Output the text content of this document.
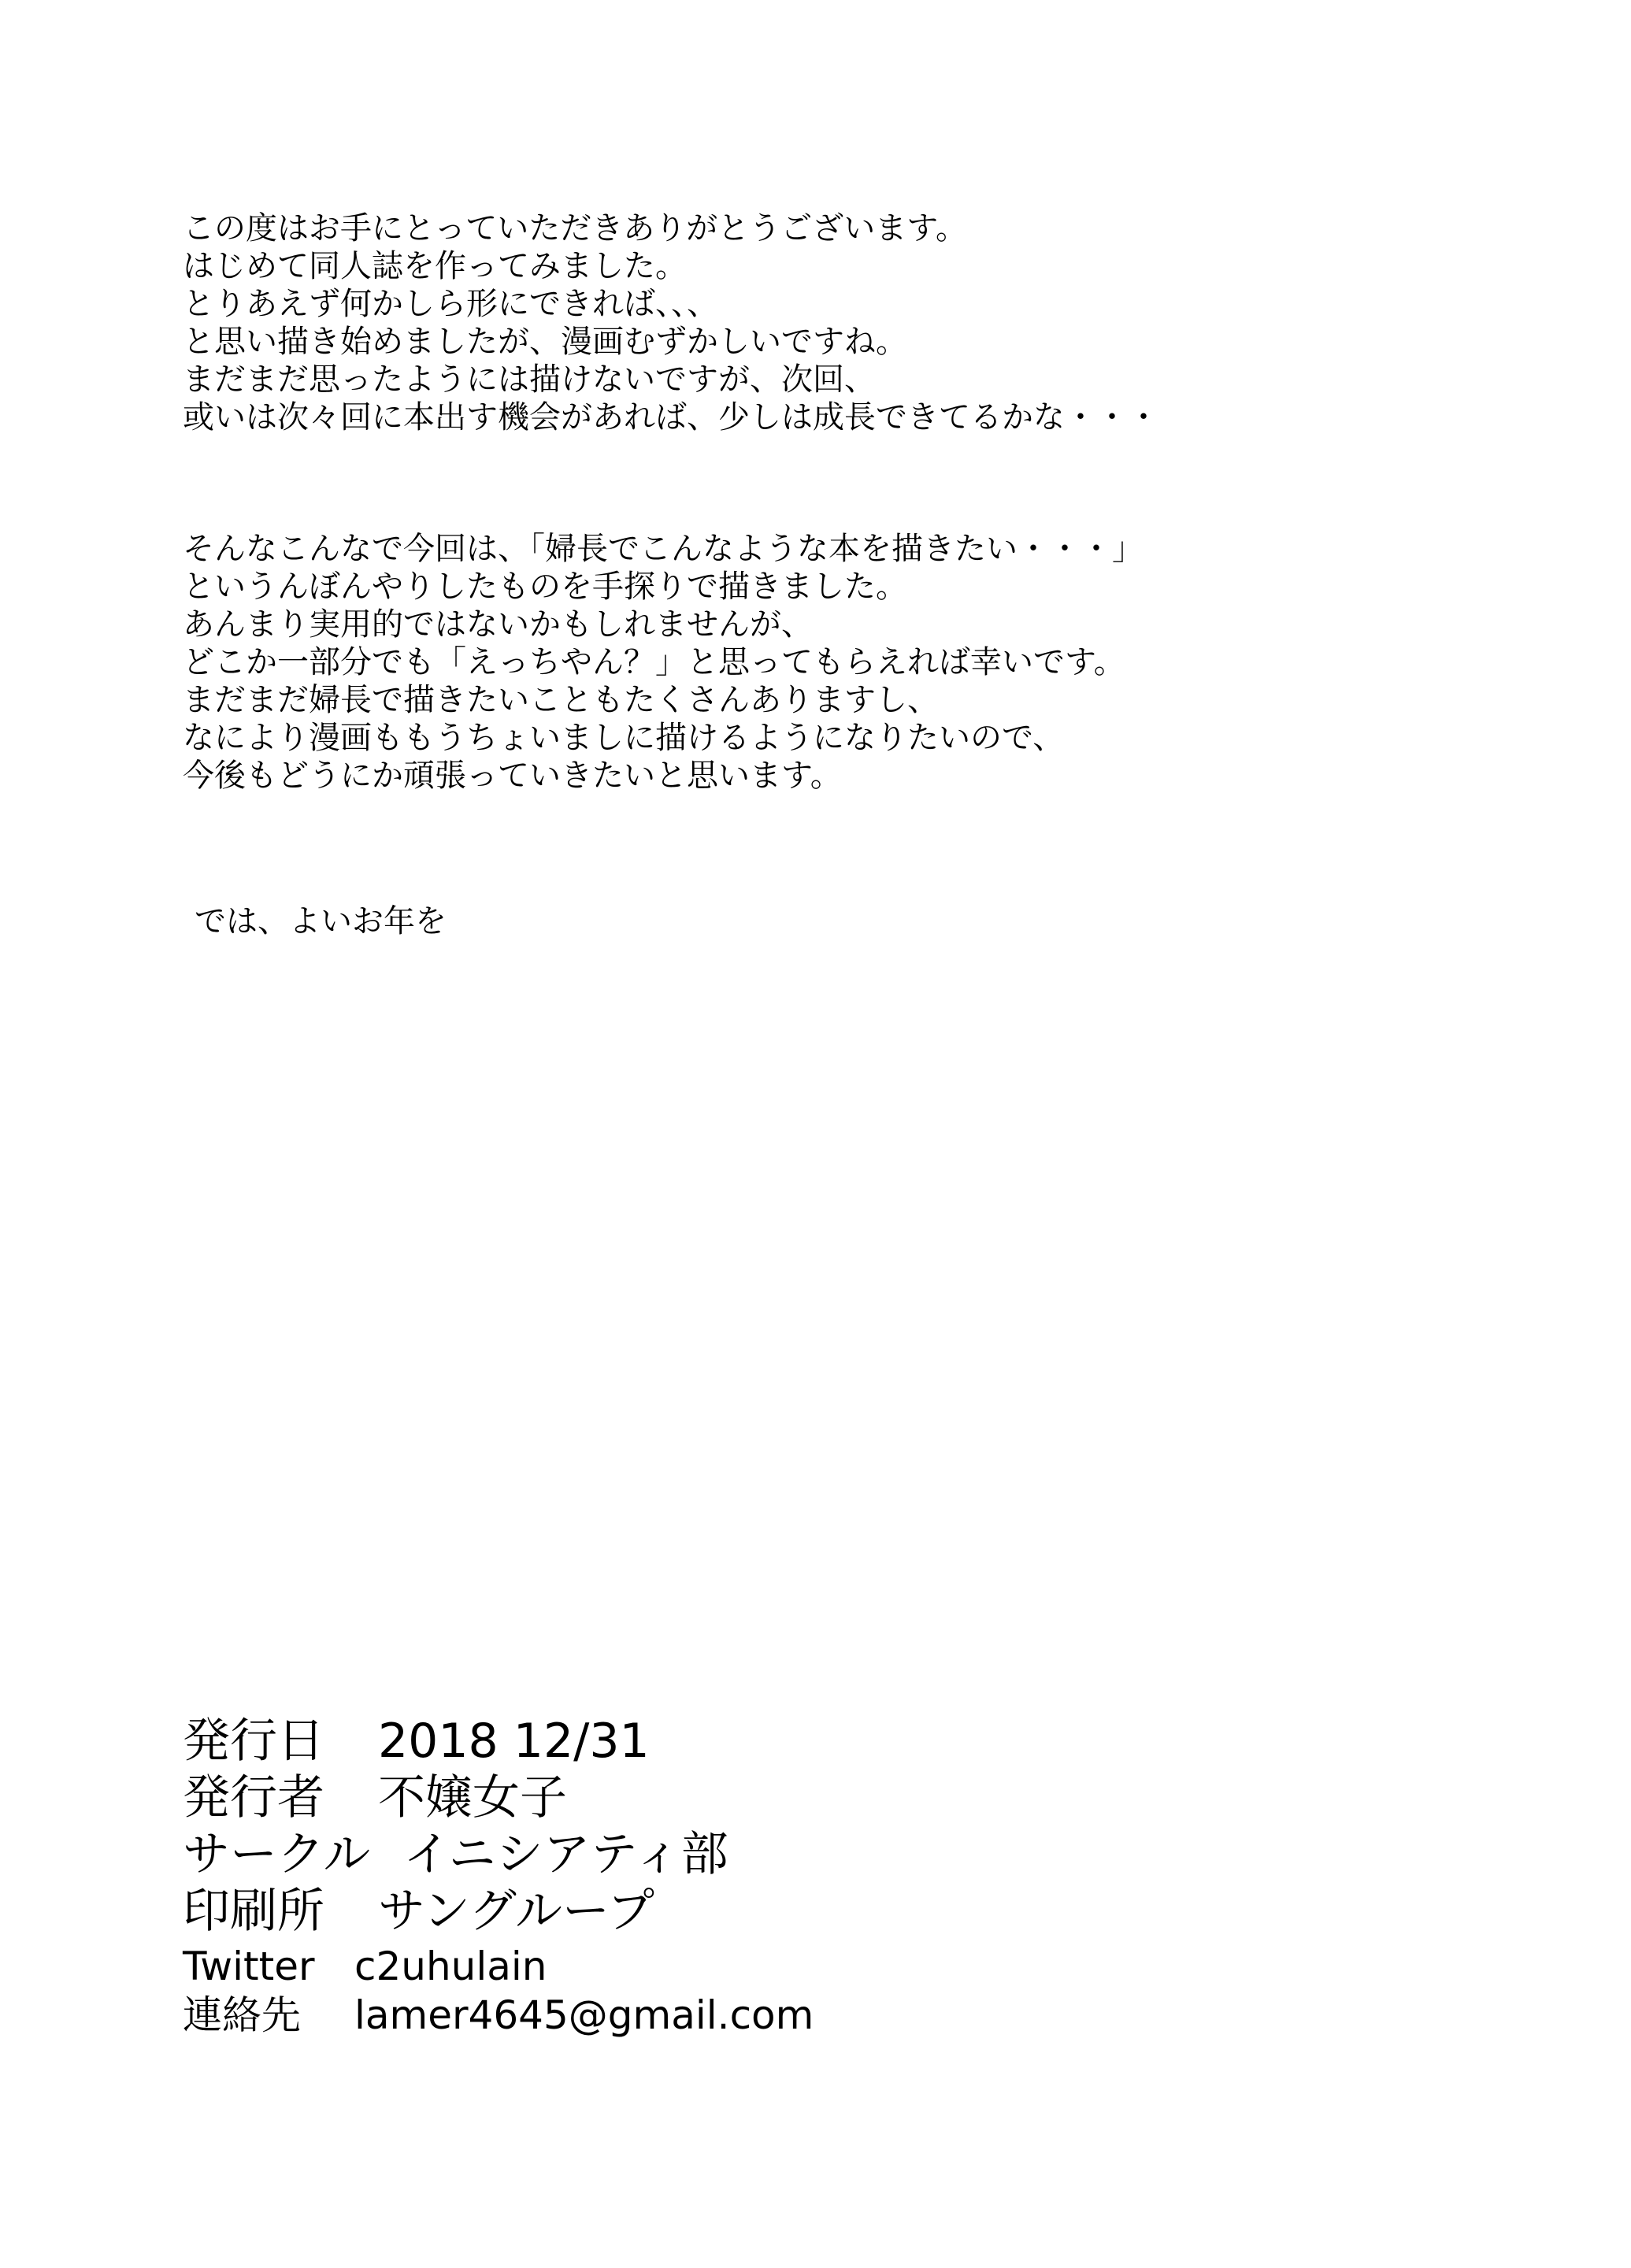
この度はお手にとっていただきありがとうございます。
はじめて同人誌を作ってみました。
とりあえず何かしら形にできれば、、、
と思い描き始めましたが、漫画むずかしいですね。
まだまだ思ったようには描けないですが、次回、
或いは次々回に本出す機会があれば、少しは成長できてるかな・・・
そんなこんなで今回は、「婦長でこんなような本を描きたい・・・」
というんぼんやりしたものを手探りで描きました。
あんまり実用的ではないかもしれませんが、
どこか一部分でも「えっちやん？」と思ってもらえれば幸いです。
まだまだ婦長で描きたいこともたくさんありますし、
なにより漫画ももうちょいましに描けるようになりたいので、
今後もどうにか頑張っていきたいと思います。
では、よいお年を
発行日	2018 12/31
発行者	不嬢女子
サークル イニシアティ部
印刷所	サングループ
Twitter	c2uhulain
連絡先	lamer4645@gmail.com
